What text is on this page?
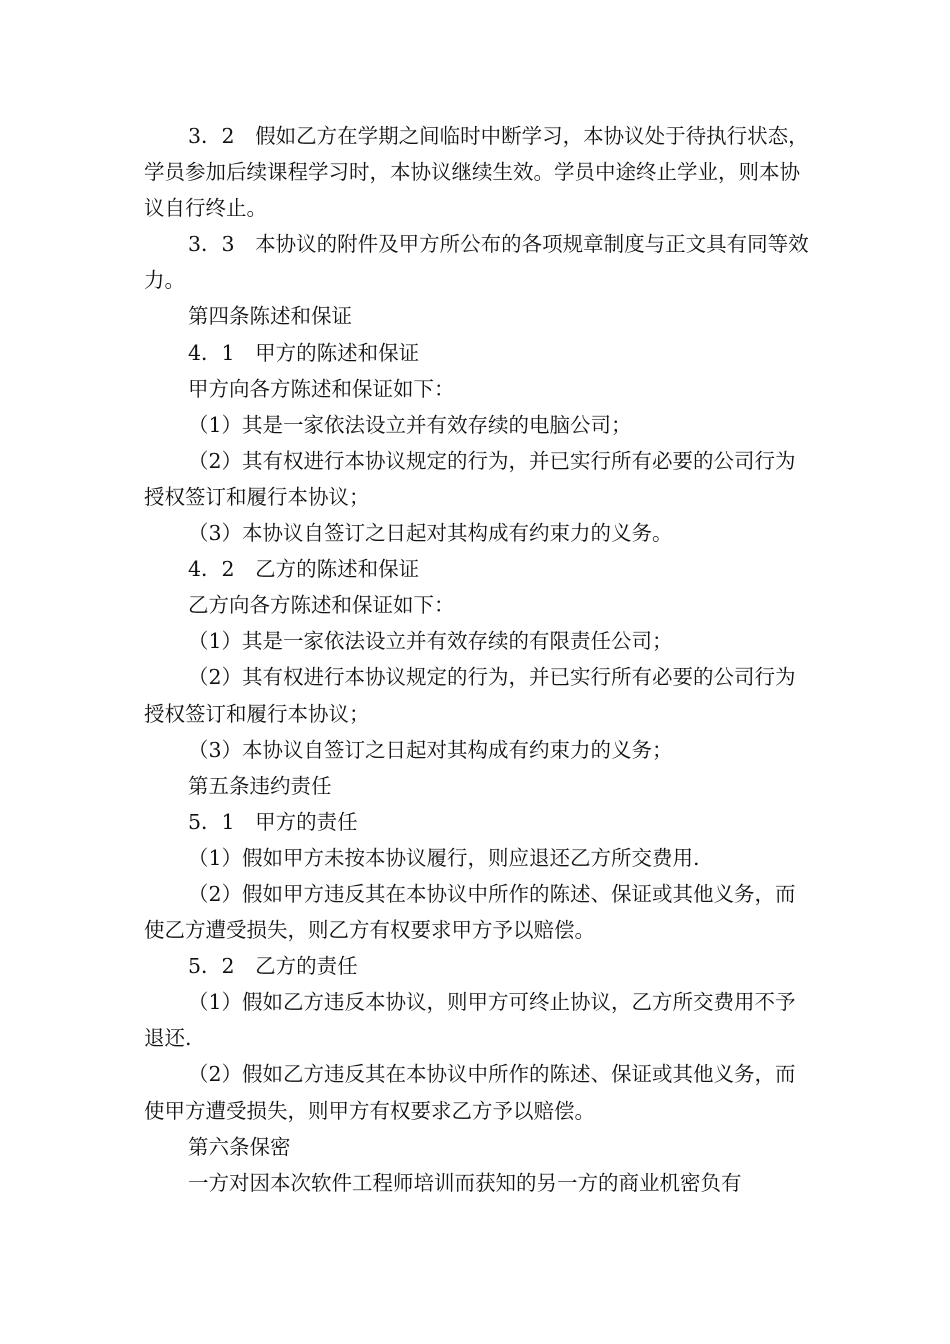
3．2　假如乙方在学期之间临时中断学习，本协议处于待执行状态，学员参加后续课程学习时，本协议继续生效。学员中途终止学业，则本协议自行终止。

3．3　本协议的附件及甲方所公布的各项规章制度与正文具有同等效力。

第四条陈述和保证

4．1　甲方的陈述和保证

甲方向各方陈述和保证如下：

（1）其是一家依法设立并有效存续的电脑公司；

（2）其有权进行本协议规定的行为，并已实行所有必要的公司行为授权签订和履行本协议；

（3）本协议自签订之日起对其构成有约束力的义务。

4．2　乙方的陈述和保证

乙方向各方陈述和保证如下：

（1）其是一家依法设立并有效存续的有限责任公司；

（2）其有权进行本协议规定的行为，并已实行所有必要的公司行为授权签订和履行本协议；

（3）本协议自签订之日起对其构成有约束力的义务；

第五条违约责任

5．1　甲方的责任

（1）假如甲方未按本协议履行，则应退还乙方所交费用.

（2）假如甲方违反其在本协议中所作的陈述、保证或其他义务，而使乙方遭受损失，则乙方有权要求甲方予以赔偿。

5．2　乙方的责任

（1）假如乙方违反本协议，则甲方可终止协议，乙方所交费用不予退还.

（2）假如乙方违反其在本协议中所作的陈述、保证或其他义务，而使甲方遭受损失，则甲方有权要求乙方予以赔偿。

第六条保密

一方对因本次软件工程师培训而获知的另一方的商业机密负有
